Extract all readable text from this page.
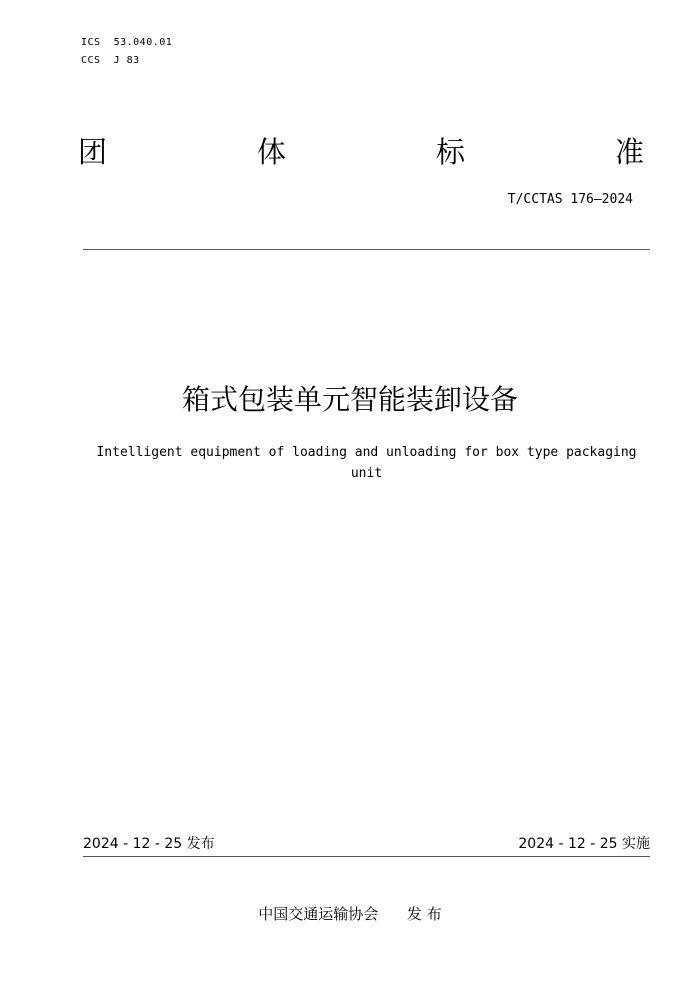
ICS  53.040.01
CCS  J 83
团	体	标	准
T/CCTAS 176—2024
箱式包装单元智能装卸设备
Intelligent equipment of loading and unloading for box type packaging unit
2024 - 12 - 25 发布	2024 - 12 - 25 实施
中国交通运输协会 发 布
